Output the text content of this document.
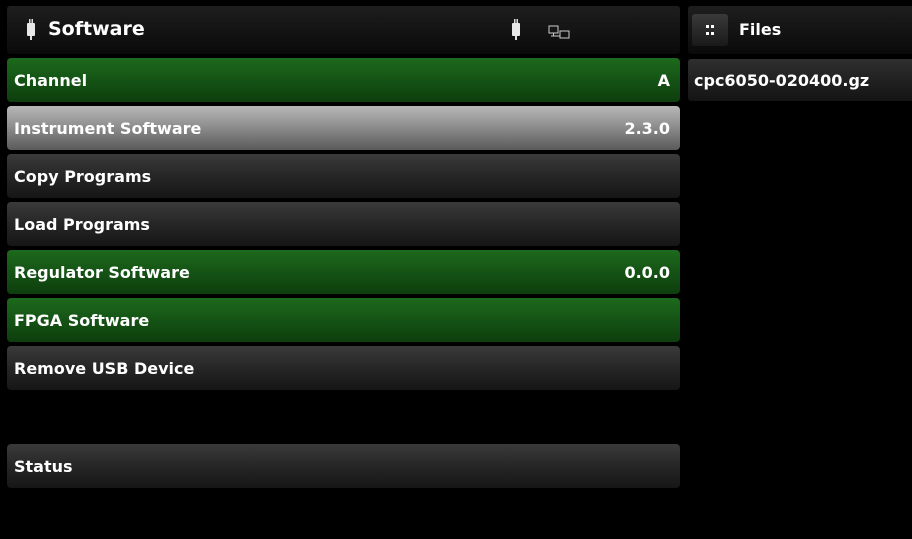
Software	Files
Channel	A
Instrument Software	2.3.0
Copy Programs
Load Programs
Regulator Software	0.0.0
FPGA Software
Remove USB Device
Status
cpc6050-020400.gz
